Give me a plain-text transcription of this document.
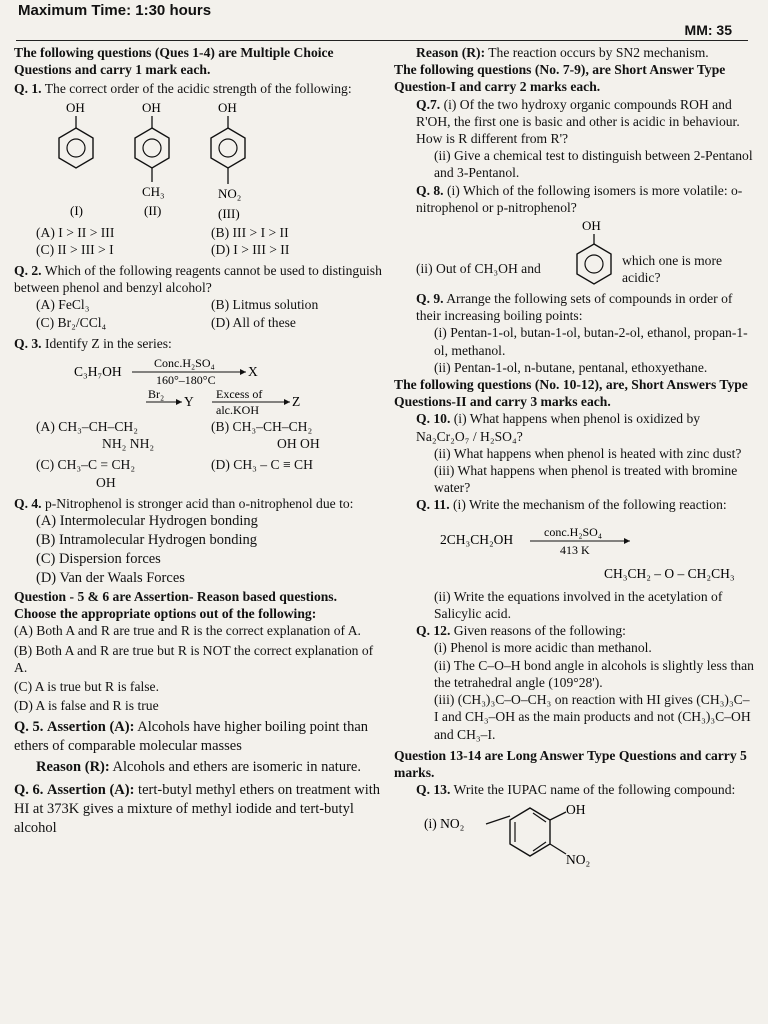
Maximum Time: 1:30 hours
MM: 35
The following questions (Ques 1-4) are Multiple Choice
Questions and carry 1 mark each.
Q. 1. The correct order of the acidic strength of the following:
OH
(I)
OH
CH₃
(II)
OH
NO₂
(III)
(A) I > II > III	(B) III > I > II
(C) II > III > I	(D) I > III > II
Q. 2. Which of the following reagents cannot be used to distinguish between phenol and benzyl alcohol?
(A) FeCl₃	(B) Litmus solution
(C) Br₂/CCl₄	(D) All of these
Q. 3. Identify Z in the series:
C₃H₇OH
Conc.H₂SO₄
160°–180°C
X
Br₂ Y Excess of
alc.KOH
Z
(A) CH₃–CH–CH₂
NH₂ NH₂
(B) CH₃–CH–CH₂
OH OH
(C) CH₃–C = CH₂
OH
(D) CH₃ – C ≡ CH
Q. 4. p-Nitrophenol is stronger acid than o-nitrophenol due to:
(A) Intermolecular Hydrogen bonding
(B) Intramolecular Hydrogen bonding
(C) Dispersion forces
(D) Van der Waals Forces
Question - 5 & 6 are Assertion- Reason based questions.
Choose the appropriate options out of the following:
(A) Both A and R are true and R is the correct explanation of A.
(B) Both A and R are true but R is NOT the correct explanation of A.
(C) A is true but R is false.
(D) A is false and R is true
Q. 5. Assertion (A): Alcohols have higher boiling point than ethers of comparable molecular masses
Reason (R): Alcohols and ethers are isomeric in nature.
Q. 6. Assertion (A): tert-butyl methyl ethers on treatment with HI at 373K gives a mixture of methyl iodide and tert-butyl alcohol
Reason (R): The reaction occurs by SN2 mechanism.
The following questions (No. 7-9), are Short Answer Type Question-I and carry 2 marks each.
Q.7. (i) Of the two hydroxy organic compounds ROH and R'OH, the first one is basic and other is acidic in behaviour. How is R different from R'?
(ii) Give a chemical test to distinguish between 2-Pentanol and 3-Pentanol.
Q. 8. (i) Which of the following isomers is more volatile: o-nitrophenol or p-nitrophenol?
(ii) Out of CH₃OH and
OH
which one is more acidic?
Q. 9. Arrange the following sets of compounds in order of their increasing boiling points:
(i) Pentan-1-ol, butan-1-ol, butan-2-ol, ethanol, propan-1-ol, methanol.
(ii) Pentan-1-ol, n-butane, pentanal, ethoxyethane.
The following questions (No. 10-12), are, Short Answers Type Questions-II and carry 3 marks each.
Q. 10. (i) What happens when phenol is oxidized by Na₂Cr₂O₇ / H₂SO₄?
(ii) What happens when phenol is heated with zinc dust?
(iii) What happens when phenol is treated with bromine water?
Q. 11. (i) Write the mechanism of the following reaction:
2CH₃CH₂OH	conc.H₂SO₄
413 K
CH₃CH₂ – O – CH₂CH₃
(ii) Write the equations involved in the acetylation of Salicylic acid.
Q. 12. Given reasons of the following:
(i) Phenol is more acidic than methanol.
(ii) The C–O–H bond angle in alcohols is slightly less than the tetrahedral angle (109°28').
(iii) (CH₃)₃C–O–CH₃ on reaction with HI gives (CH₃)₃C–I and CH₃–OH as the main products and not (CH₃)₃C–OH and CH₃–I.
Question 13-14 are Long Answer Type Questions and carry 5 marks.
Q. 13. Write the IUPAC name of the following compound:
(i) NO₂
OH
NO₂
